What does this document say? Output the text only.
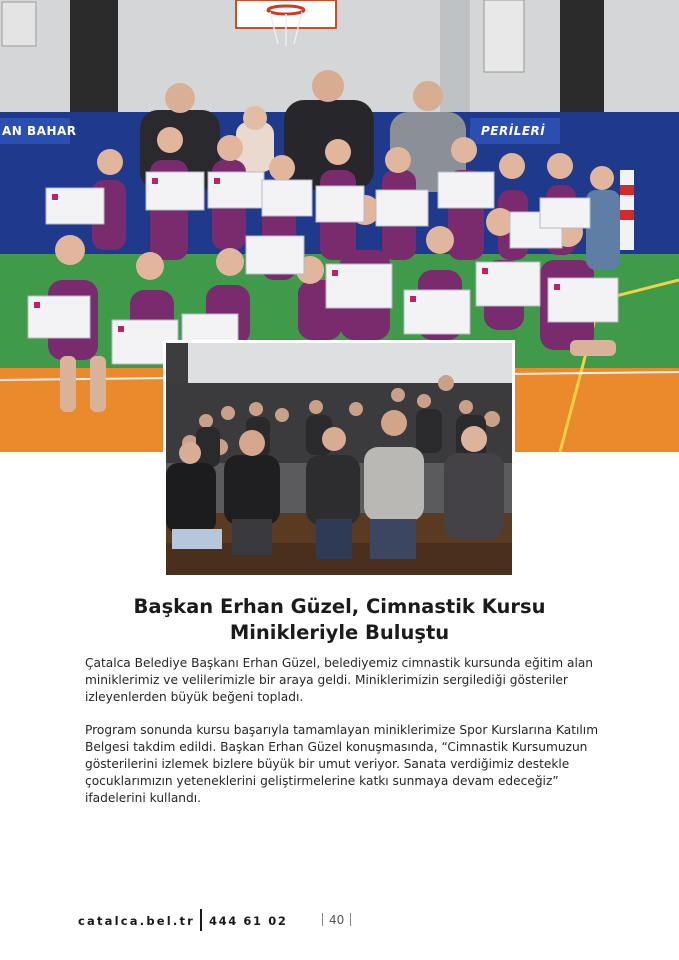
AN BAHAR	PERİLERİ
Başkan Erhan Güzel, Cimnastik Kursu
Minikleriyle Buluştu

Çatalca Belediye Başkanı Erhan Güzel, belediyemiz cimnastik kursunda eğitim alan miniklerimiz ve velilerimizle bir araya geldi. Miniklerimizin sergilediği gösteriler izleyenlerden büyük beğeni topladı.

Program sonunda kursu başarıyla tamamlayan miniklerimize Spor Kurslarına Katılım Belgesi takdim edildi. Başkan Erhan Güzel konuşmasında, “Cimnastik Kursumuzun gösterilerini izlemek bizlere büyük bir umut veriyor. Sanata verdiğimiz destekle çocuklarımızın yeteneklerini geliştirmelerine katkı sunmaya devam edeceğiz” ifadelerini kullandı.

catalca.bel.tr 444 61 02	40
